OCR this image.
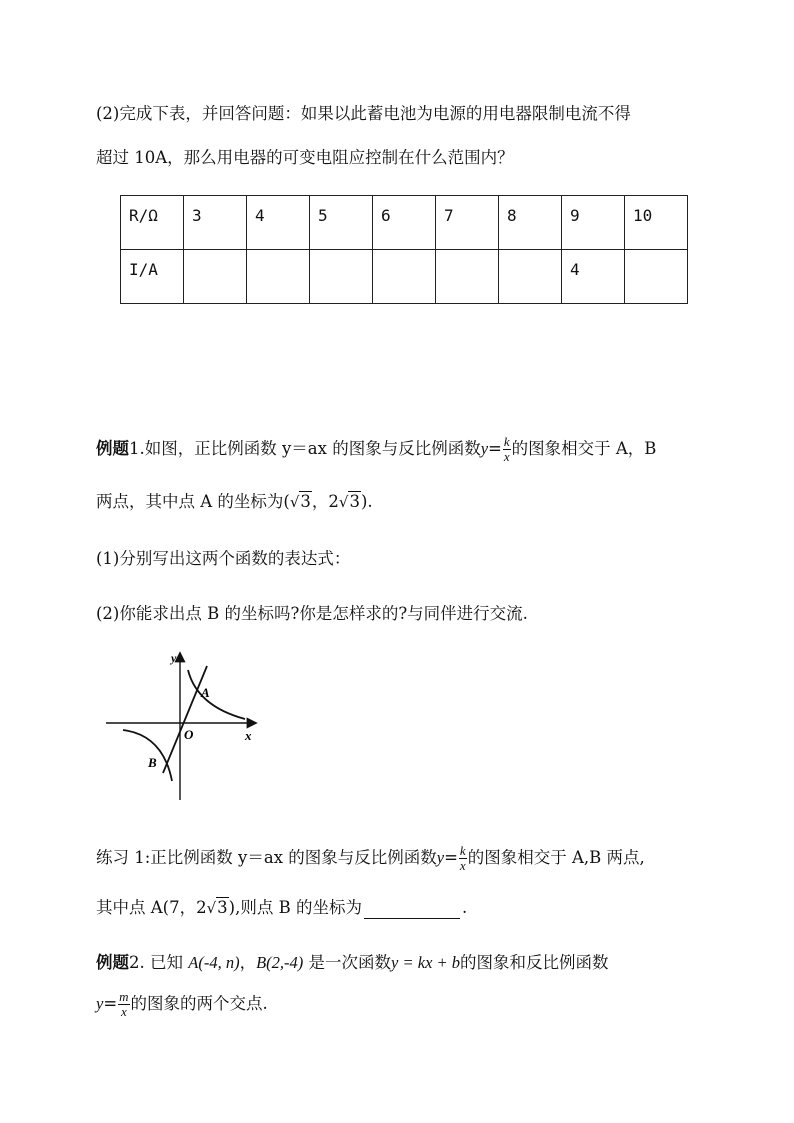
(2)完成下表，并回答问题：如果以此蓄电池为电源的用电器限制电流不得
超过 10A，那么用电器的可变电阻应控制在什么范围内？
R/Ω	3	4	5	6	7	8	9	10
I/A							4	
例题1.如图，正比例函数 y＝ax 的图象与反比例函数$y= \frac{k}{x}$ 的图象相交于 A，B
两点，其中点 A 的坐标为(√3，2√3).
(1)分别写出这两个函数的表达式：
(2)你能求出点 B 的坐标吗?你是怎样求的?与同伴进行交流.
y
x
O
A
B
练习 1:正比例函数 y＝ax 的图象与反比例函数$y= \frac{k}{x}$ 的图象相交于 A,B 两点,
其中点 A(7，2√3),则点 B 的坐标为	.
例题2. 已知 A(-4, n)，B(2,-4) 是一次函数y = kx + b的图象和反比例函数
$y= \frac{m}{x}$ 的图象的两个交点.
